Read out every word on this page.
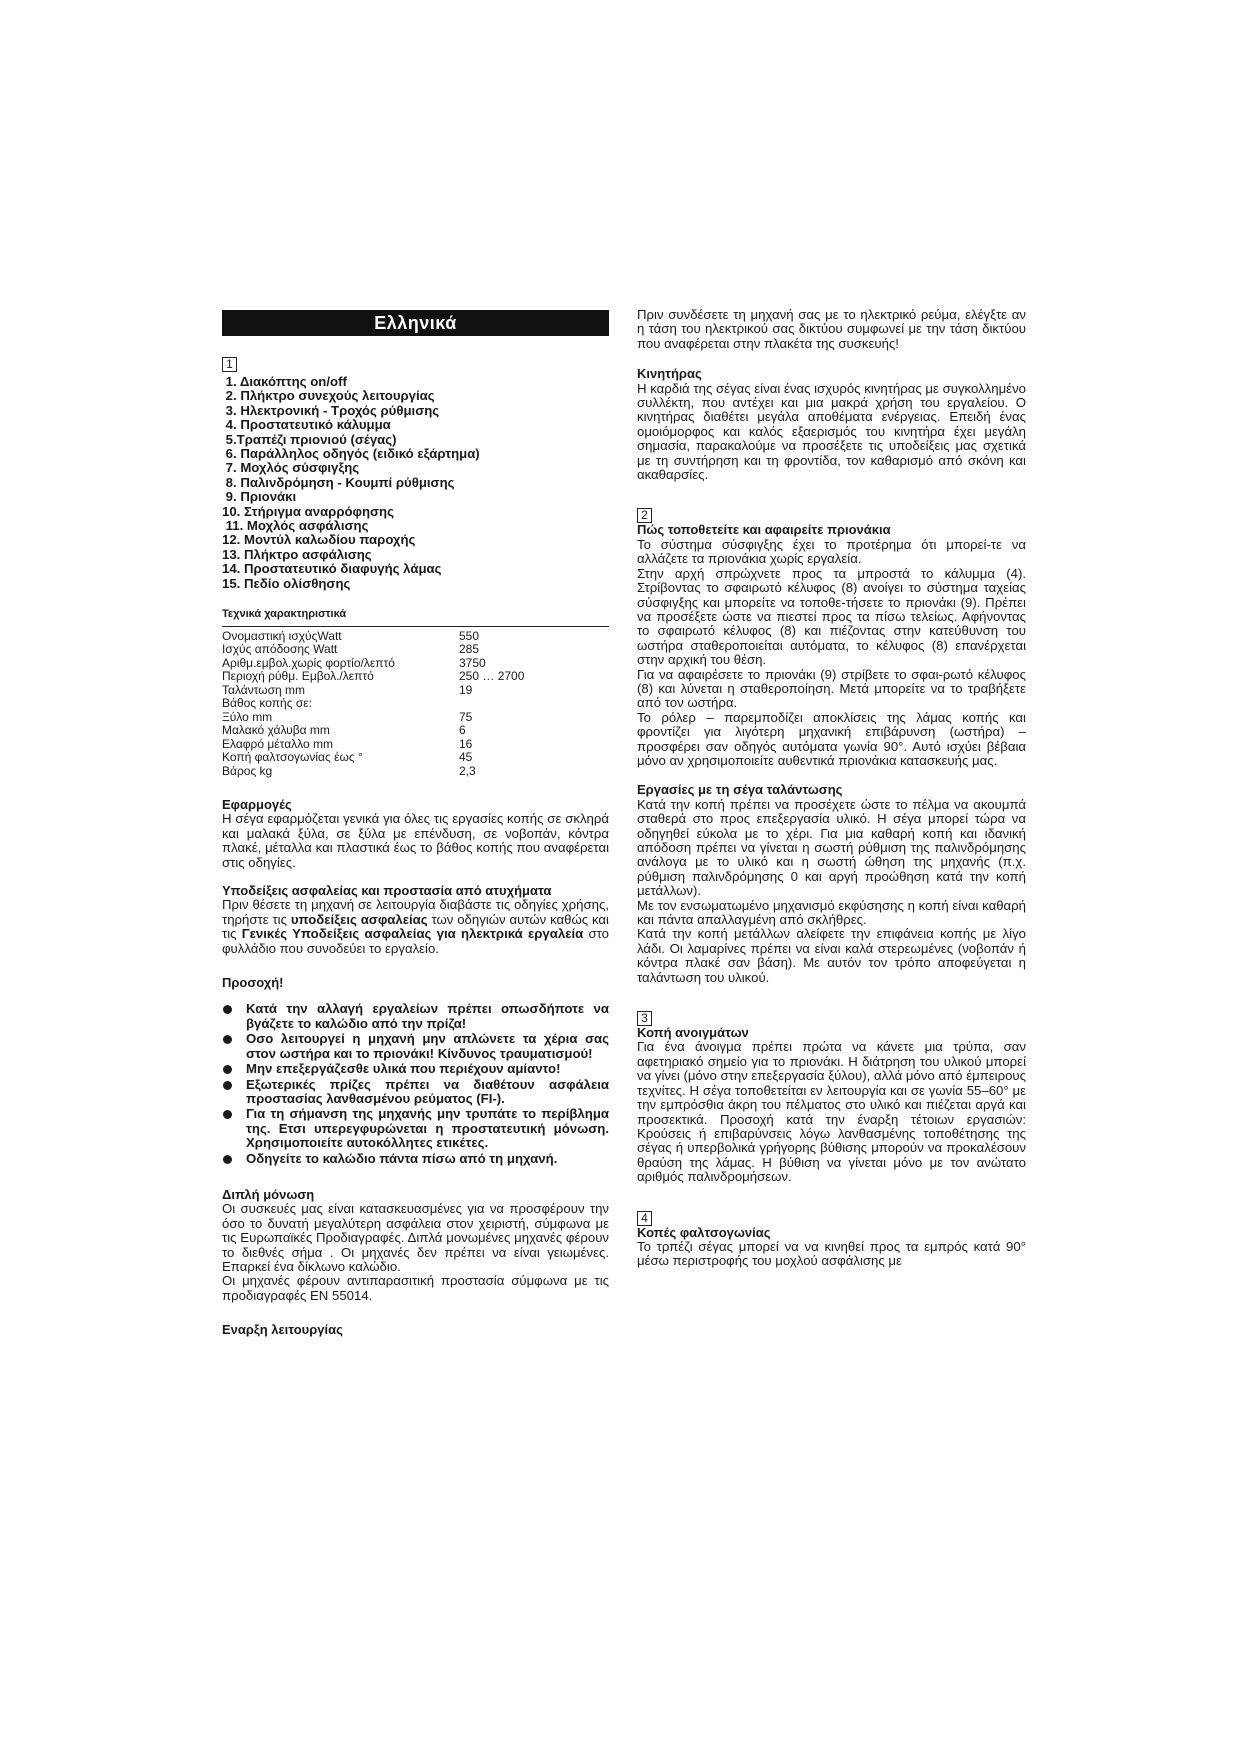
Ελληνικά
1
1. Διακόπτης on/off
2. Πλήκτρο συνεχούς λειτουργίας
3. Ηλεκτρονική - Τροχός ρύθμισης
4. Προστατευτικό κάλυμμα
5.Τραπέζι πριονιού (σέγας)
6. Παράλληλος οδηγός (ειδικό εξάρτημα)
7. Μοχλός σύσφιγξης
8. Παλινδρόμηση - Κουμπί ρύθμισης
9. Πριονάκι
10. Στήριγμα αναρρόφησης
11. Μοχλός ασφάλισης
12. Μοντύλ καλωδίου παροχής
13. Πλήκτρο ασφάλισης
14. Προστατευτικό διαφυγής λάμας
15. Πεδίο ολίσθησης
Τεχνικά χαρακτηριστικά
Ονομαστική ισχύςWatt	550
Ισχύς απόδοσης Watt	285
Αριθμ.εμβολ.χωρίς φορτίο/λεπτό	3750
Περιοχή ρύθμ. Εμβολ./λεπτό	250 … 2700
Ταλάντωση mm	19
Βάθος κοπής σε:	
Ξύλο mm	75
Μαλακό χάλυβα mm	6
Ελαφρό μέταλλο mm	16
Κοπή φαλτσογωνίας έως °	45
Βάρος kg	2,3
Εφαρμογές

Η σέγα εφαρμόζεται γενικά για όλες τις εργασίες κοπής σε σκληρά και μαλακά ξύλα, σε ξύλα με επένδυση, σε νοβοπάν, κόντρα πλακέ, μέταλλα και πλαστικά έως το βάθος κοπής που αναφέρεται στις οδηγίες.

Υποδείξεις ασφαλείας και προστασία από ατυχήματα

Πριν θέσετε τη μηχανή σε λειτουργία διαβάστε τις οδηγίες χρήσης, τηρήστε τις υποδείξεις ασφαλείας των οδηγιών αυτών καθώς και τις Γενικές Υποδείξεις ασφαλείας για ηλεκτρικά εργαλεία στο φυλλάδιο που συνοδεύει το εργαλείο.

Προσοχή!
Κατά την αλλαγή εργαλείων πρέπει οπωσδήποτε να βγάζετε το καλώδιο από την πρίζα!
Οσο λειτουργεί η μηχανή μην απλώνετε τα χέρια σας στον ωστήρα και το πριονάκι! Κίνδυνος τραυματισμού!
Μην επεξεργάζεσθε υλικά που περιέχουν αμίαντο!
Εξωτερικές πρίζες πρέπει να διαθέτουν ασφάλεια προστασίας λανθασμένου ρεύματος (FI-).
Για τη σήμανση της μηχανής μην τρυπάτε το περίβλημα της. Ετσι υπερεγφυρώνεται η προστατευτική μόνωση. Χρησιμοποιείτε αυτοκόλλητες ετικέτες.
Οδηγείτε το καλώδιο πάντα πίσω από τη μηχανή.
Διπλή μόνωση

Οι συσκευές μας είναι κατασκευασμένες για να προσφέρουν την όσο το δυνατή μεγαλύτερη ασφάλεια στον χειριστή, σύμφωνα με τις Ευρωπαϊκές Προδιαγραφές. Διπλά μονωμένες μηχανές φέρουν το διεθνές σήμα . Οι μηχανές δεν πρέπει να είναι γειωμένες. Επαρκεί ένα δίκλωνο καλώδιο.

Οι μηχανές φέρουν αντιπαρασιτική προστασία σύμφωνα με τις προδιαγραφές EN 55014.

Εναρξη λειτουργίας

Πριν συνδέσετε τη μηχανή σας με το ηλεκτρικό ρεύμα, ελέγξτε αν η τάση του ηλεκτρικού σας δικτύου συμφωνεί με την τάση δικτύου που αναφέρεται στην πλακέτα της συσκευής!

Κινητήρας

Η καρδιά της σέγας είναι ένας ισχυρός κινητήρας με συγκολλημένο συλλέκτη, που αντέχει και μια μακρά χρήση του εργαλείου. Ο κινητήρας διαθέτει μεγάλα αποθέματα ενέργειας. Επειδή ένας ομοιόμορφος και καλός εξαερισμός του κινητήρα έχει μεγάλη σημασία, παρακαλούμε να προσέξετε τις υποδείξεις μας σχετικά με τη συντήρηση και τη φροντίδα, τον καθαρισμό από σκόνη και ακαθαρσίες.

2
Πώς τοποθετείτε και αφαιρείτε πριονάκια

Το σύστημα σύσφιγξης έχει το προτέρημα ότι μπορεί-τε να αλλάζετε τα πριονάκια χωρίς εργαλεία.

Στην αρχή σπρώχνετε προς τα μπροστά το κάλυμμα (4). Στρίβοντας το σφαιρωτό κέλυφος (8) ανοίγει το σύστημα ταχείας σύσφιγξης και μπορείτε να τοποθε-τήσετε το πριονάκι (9). Πρέπει να προσέξετε ώστε να πιεστεί προς τα πίσω τελείως. Αφήνοντας το σφαιρωτό κέλυφος (8) και πιέζοντας στην κατεύθυνση του ωστήρα σταθεροποιείται αυτόματα, το κέλυφος (8) επανέρχεται στην αρχική του θέση.

Για να αφαιρέσετε το πριονάκι (9) στρίβετε το σφαι-ρωτό κέλυφος (8) και λύνεται η σταθεροποίηση. Μετά μπορείτε να το τραβήξετε από τον ωστήρα.

Το ρόλερ – παρεμποδίζει αποκλίσεις της λάμας κοπής και φροντίζει για λιγότερη μηχανική επιβάρυνση (ωστήρα) – προσφέρει σαν οδηγός αυτόματα γωνία 90°. Αυτό ισχύει βέβαια μόνο αν χρησιμοποιείτε αυθεντικά πριονάκια κατασκευής μας.

Εργασίες με τη σέγα ταλάντωσης

Κατά την κοπή πρέπει να προσέχετε ώστε το πέλμα να ακουμπά σταθερά στο προς επεξεργασία υλικό. Η σέγα μπορεί τώρα να οδηγηθεί εύκολα με το χέρι. Για μια καθαρή κοπή και ιδανική απόδοση πρέπει να γίνεται η σωστή ρύθμιση της παλινδρόμησης ανάλογα με το υλικό και η σωστή ώθηση της μηχανής (π.χ. ρύθμιση παλινδρόμησης 0 και αργή προώθηση κατά την κοπή μετάλλων).

Με τον ενσωματωμένο μηχανισμό εκφύσησης η κοπή είναι καθαρή και πάντα απαλλαγμένη από σκλήθρες.

Κατά την κοπή μετάλλων αλείφετε την επιφάνεια κοπής με λίγο λάδι. Οι λαμαρίνες πρέπει να είναι καλά στερεωμένες (νοβοπάν ή κόντρα πλακέ σαν βάση). Με αυτόν τον τρόπο αποφεύγεται η ταλάντωση του υλικού.

3
Κοπή ανοιγμάτων

Για ένα άνοιγμα πρέπει πρώτα να κάνετε μια τρύπα, σαν αφετηριακό σημείο για το πριονάκι. Η διάτρηση του υλικού μπορεί να γίνει (μόνο στην επεξεργασία ξύλου), αλλά μόνο από έμπειρους τεχνίτες. Η σέγα τοποθετείται εν λειτουργία και σε γωνία 55–60° με την εμπρόσθια άκρη του πέλματος στο υλικό και πιέζεται αργά και προσεκτικά. Προσοχή κατά την έναρξη τέτοιων εργασιών: Κρούσεις ή επιβαρύνσεις λόγω λανθασμένης τοποθέτησης της σέγας ή υπερβολικά γρήγορης βύθισης μπορούν να προκαλέσουν θραύση της λάμας. Η βύθιση να γίνεται μόνο με τον ανώτατο αριθμός παλινδρομήσεων.

4
Κοπές φαλτσογωνίας

Το τρπέζι σέγας μπορεί να να κινηθεί προς τα εμπρός κατά 90° μέσω περιστροφής του μοχλού ασφάλισης με
